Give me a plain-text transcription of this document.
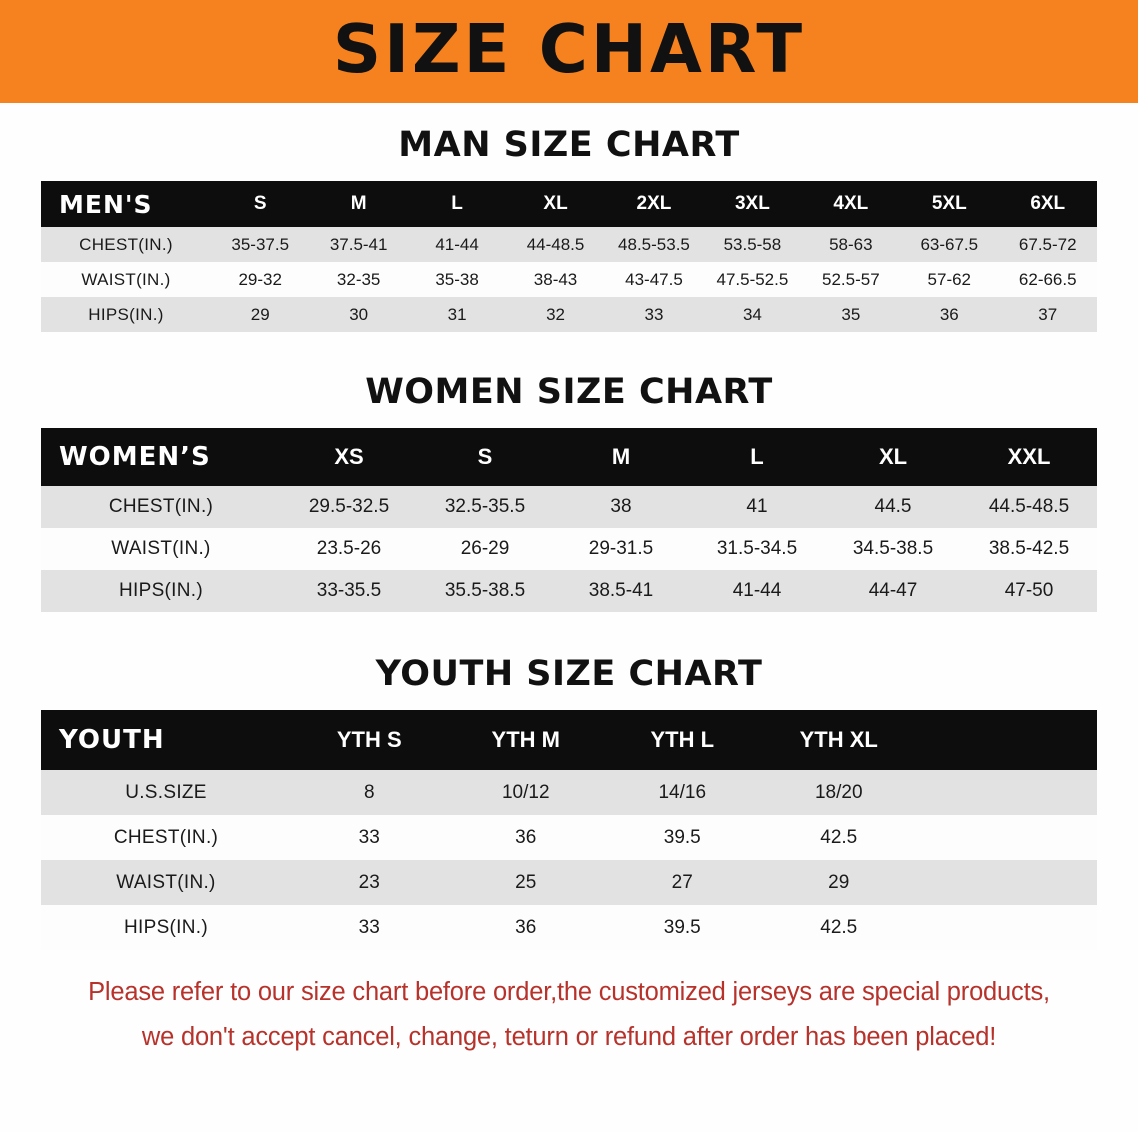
SIZE CHART
MAN SIZE CHART
MEN'S	S	M	L	XL	2XL	3XL	4XL	5XL	6XL
CHEST(IN.)	35-37.5	37.5-41	41-44	44-48.5	48.5-53.5	53.5-58	58-63	63-67.5	67.5-72
WAIST(IN.)	29-32	32-35	35-38	38-43	43-47.5	47.5-52.5	52.5-57	57-62	62-66.5
HIPS(IN.)	29	30	31	32	33	34	35	36	37
WOMEN SIZE CHART
WOMEN’S	XS	S	M	L	XL	XXL
CHEST(IN.)	29.5-32.5	32.5-35.5	38	41	44.5	44.5-48.5
WAIST(IN.)	23.5-26	26-29	29-31.5	31.5-34.5	34.5-38.5	38.5-42.5
HIPS(IN.)	33-35.5	35.5-38.5	38.5-41	41-44	44-47	47-50
YOUTH SIZE CHART
YOUTH	YTH S	YTH M	YTH L	YTH XL	
U.S.SIZE	8	10/12	14/16	18/20	
CHEST(IN.)	33	36	39.5	42.5	
WAIST(IN.)	23	25	27	29	
HIPS(IN.)	33	36	39.5	42.5	
Please refer to our size chart before order,the customized jerseys are special products,
we don't accept cancel, change, teturn or refund after order has been placed!
